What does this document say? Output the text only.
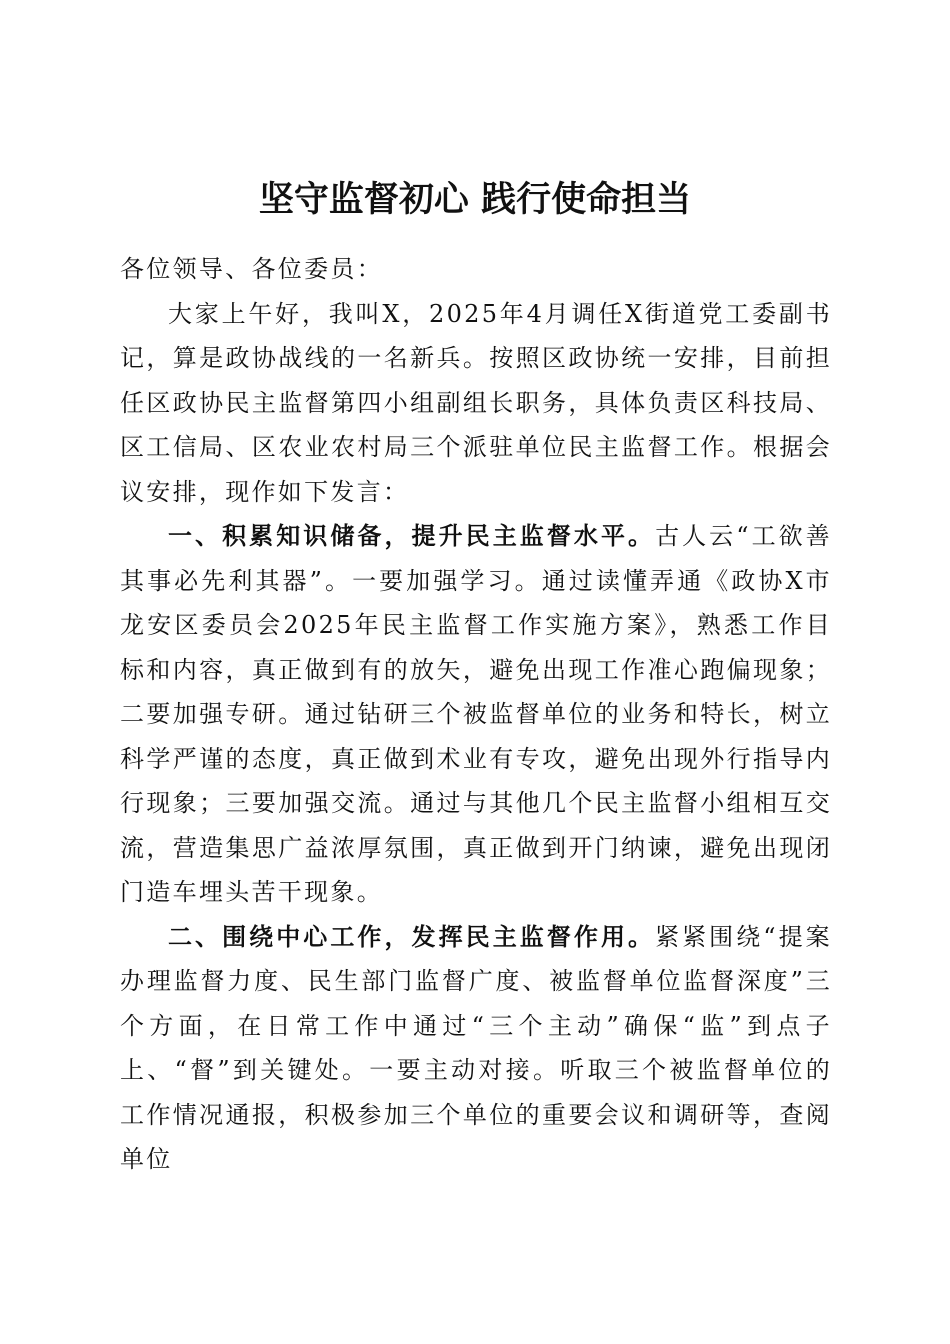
坚守监督初心 践行使命担当

各位领导、各位委员：

大家上午好，我叫X，2025年4月调任X街道党工委副书记，算是政协战线的一名新兵。按照区政协统一安排，目前担任区政协民主监督第四小组副组长职务，具体负责区科技局、区工信局、区农业农村局三个派驻单位民主监督工作。根据会议安排，现作如下发言：

一、积累知识储备，提升民主监督水平。古人云“工欲善其事必先利其器”。一要加强学习。通过读懂弄通《政协X市龙安区委员会2025年民主监督工作实施方案》，熟悉工作目标和内容，真正做到有的放矢，避免出现工作准心跑偏现象；二要加强专研。通过钻研三个被监督单位的业务和特长，树立科学严谨的态度，真正做到术业有专攻，避免出现外行指导内行现象；三要加强交流。通过与其他几个民主监督小组相互交流，营造集思广益浓厚氛围，真正做到开门纳谏，避免出现闭门造车埋头苦干现象。

二、围绕中心工作，发挥民主监督作用。紧紧围绕“提案办理监督力度、民生部门监督广度、被监督单位监督深度”三个方面，在日常工作中通过“三个主动”确保“监”到点子上、“督”到关键处。一要主动对接。听取三个被监督单位的工作情况通报，积极参加三个单位的重要会议和调研等，查阅单位
